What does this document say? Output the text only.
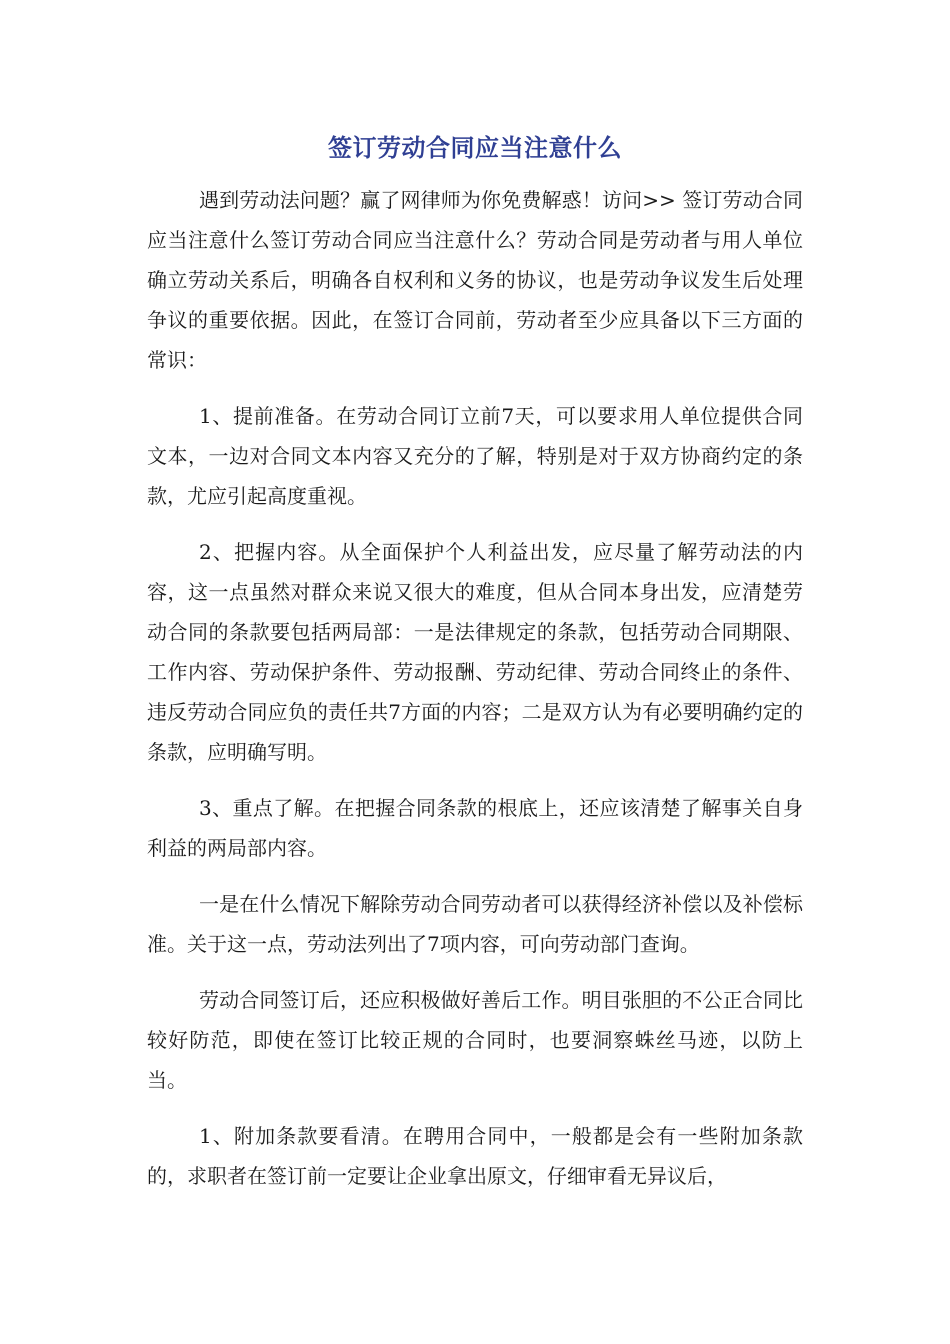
签订劳动合同应当注意什么

遇到劳动法问题？赢了网律师为你免费解惑！访问>> 签订劳动合同应当注意什么签订劳动合同应当注意什么？劳动合同是劳动者与用人单位确立劳动关系后，明确各自权利和义务的协议，也是劳动争议发生后处理争议的重要依据。因此，在签订合同前，劳动者至少应具备以下三方面的常识：

1、提前准备。在劳动合同订立前7天，可以要求用人单位提供合同文本，一边对合同文本内容又充分的了解，特别是对于双方协商约定的条款，尤应引起高度重视。

2、把握内容。从全面保护个人利益出发，应尽量了解劳动法的内容，这一点虽然对群众来说又很大的难度，但从合同本身出发，应清楚劳动合同的条款要包括两局部：一是法律规定的条款，包括劳动合同期限、工作内容、劳动保护条件、劳动报酬、劳动纪律、劳动合同终止的条件、违反劳动合同应负的责任共7方面的内容；二是双方认为有必要明确约定的条款，应明确写明。

3、重点了解。在把握合同条款的根底上，还应该清楚了解事关自身利益的两局部内容。

一是在什么情况下解除劳动合同劳动者可以获得经济补偿以及补偿标准。关于这一点，劳动法列出了7项内容，可向劳动部门查询。

劳动合同签订后，还应积极做好善后工作。明目张胆的不公正合同比较好防范，即使在签订比较正规的合同时，也要洞察蛛丝马迹，以防上当。

1、附加条款要看清。在聘用合同中，一般都是会有一些附加条款的，求职者在签订前一定要让企业拿出原文，仔细审看无异议后，
